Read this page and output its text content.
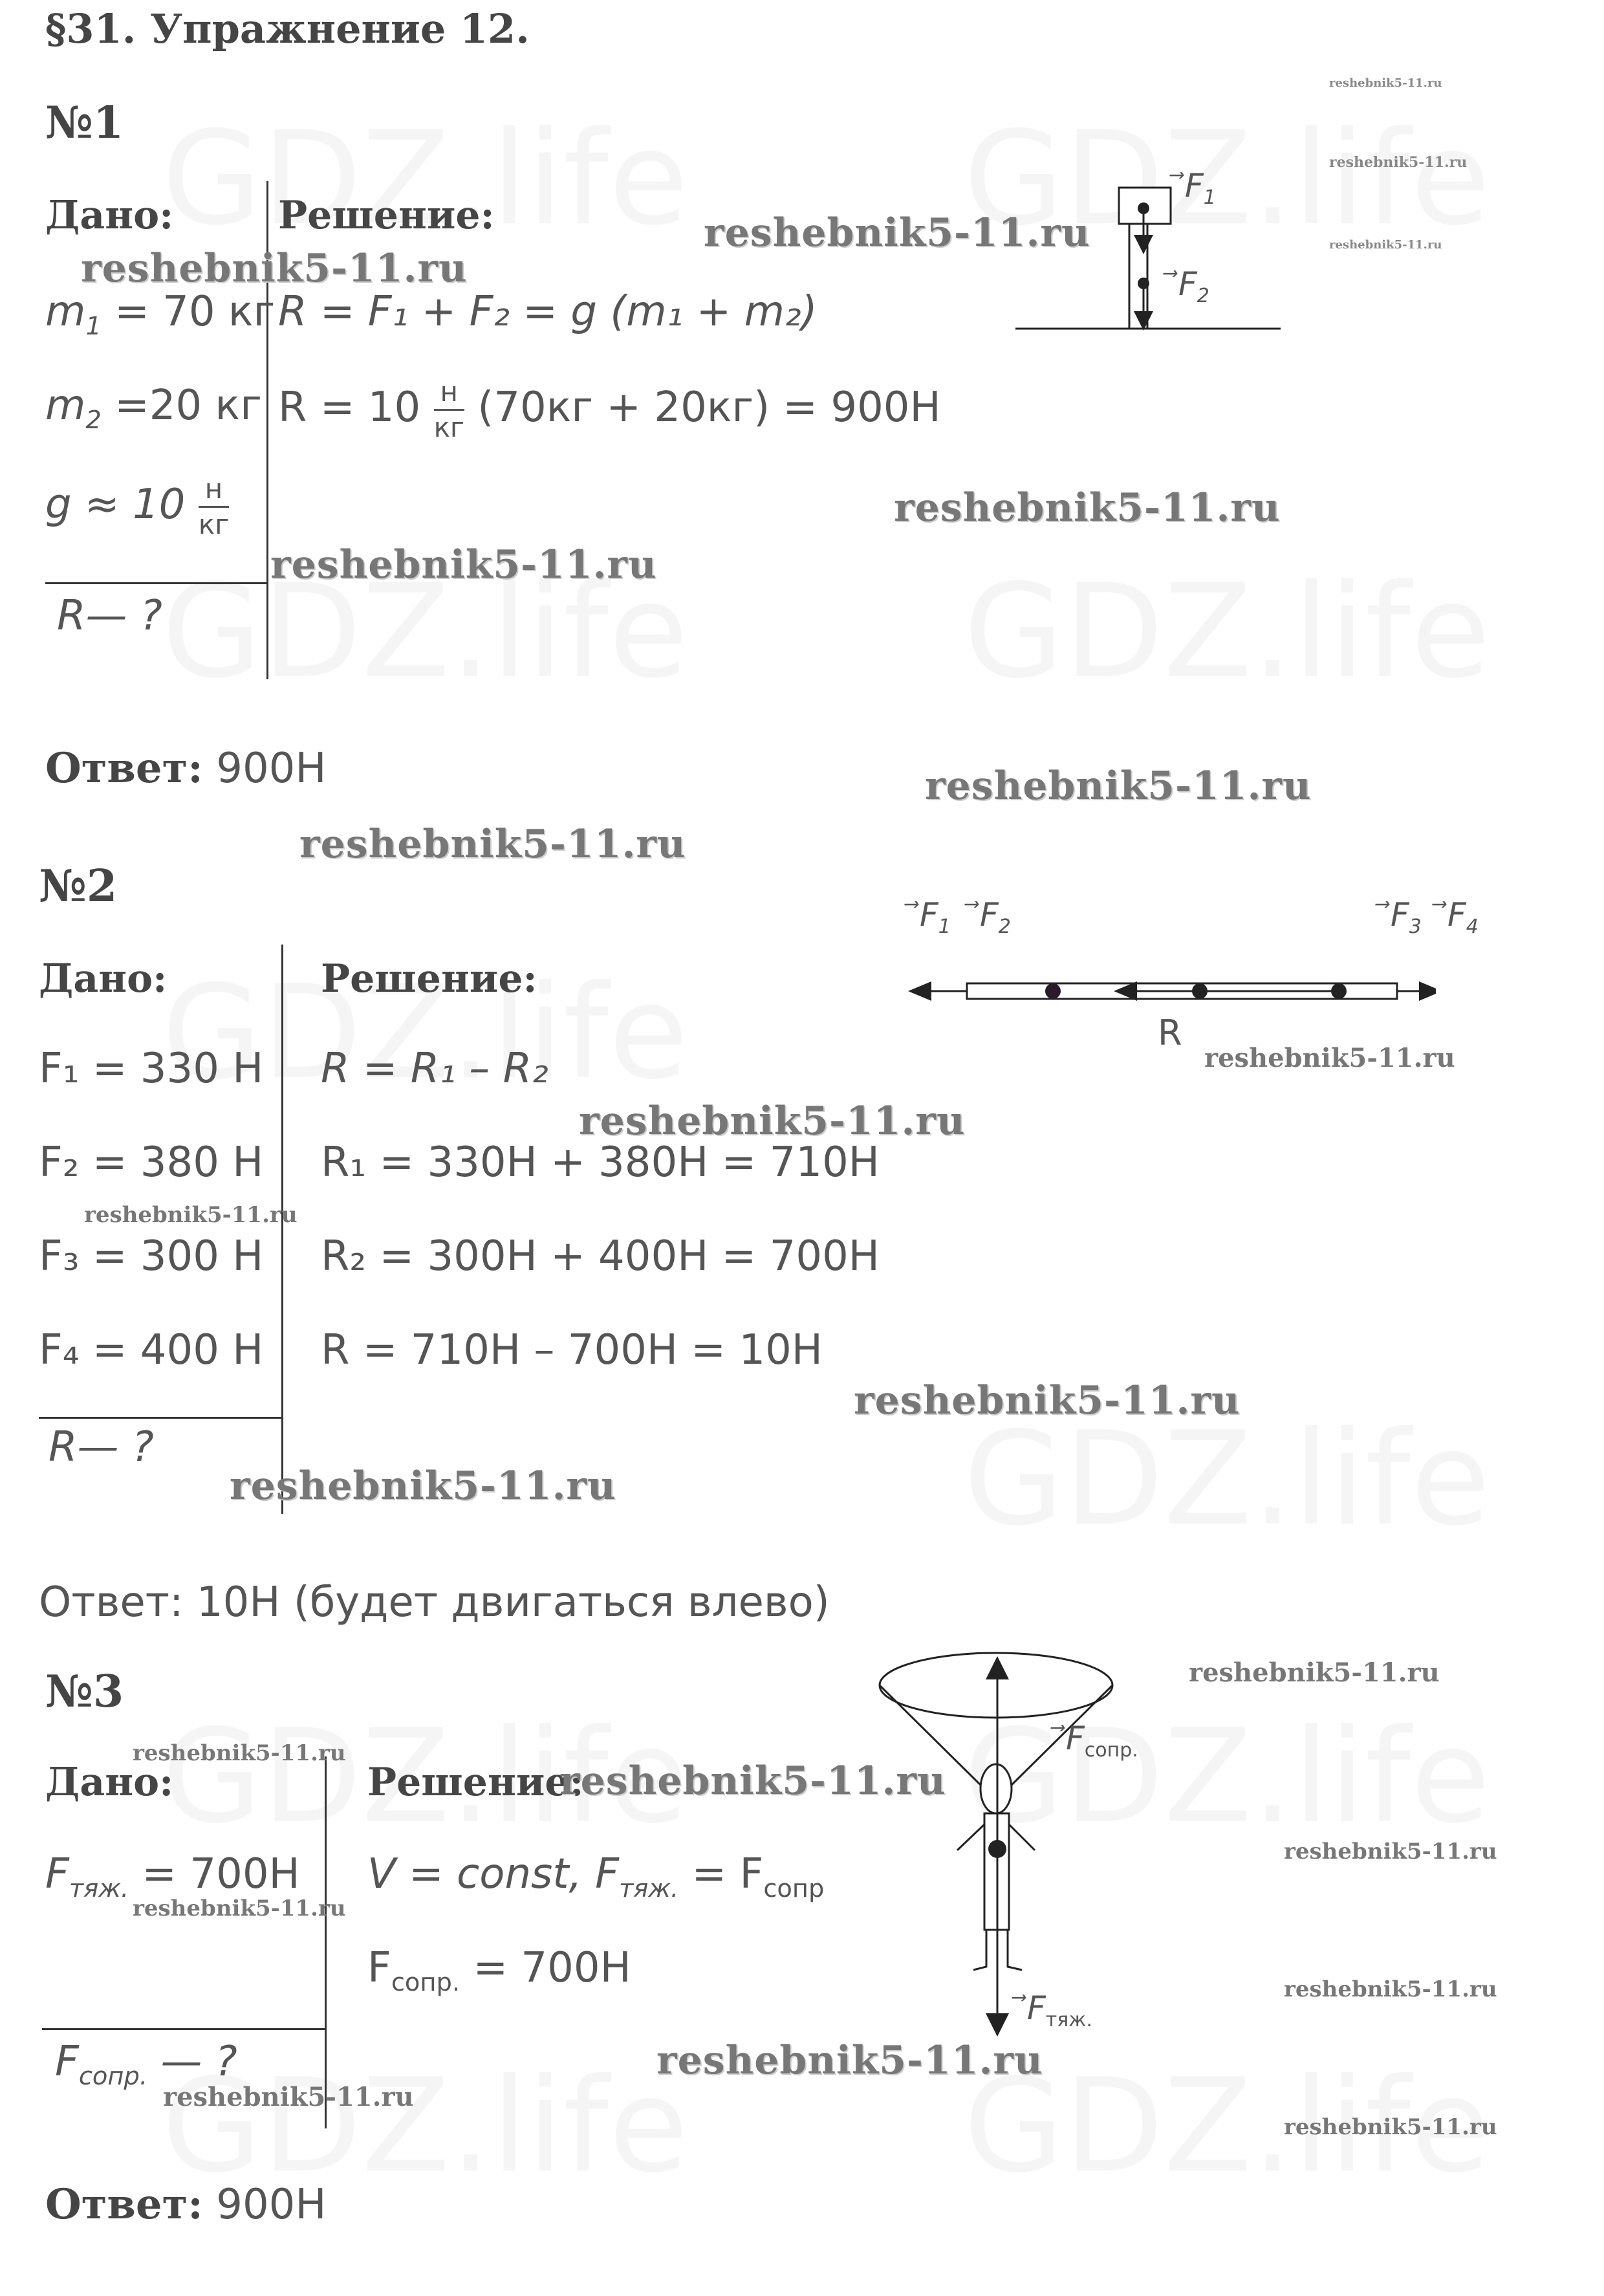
§31. Упражнение 12.
№1
Дано:	Решение:
$m_1 = 70$ кг
$m_2 =20$ кг
$g \approx 10 \frac{н}{кг}$
R— ?
R = F₁ + F₂ = g (m₁ + m₂)
$R = 10 \frac{н}{кг} (70кг + 20кг) = 900Н$
$F_1$
$F_2$
Ответ: 900Н
№2
Дано:	Решение:
F₁ = 330 Н
F₂ = 380 Н
F₃ = 300 Н
F₄ = 400 Н
R— ?
R = R₁ – R₂
R₁ = 330Н + 380Н = 710Н
R₂ = 300Н + 400Н = 700Н
R = 710Н – 700Н = 10Н
$F_1$ $F_2$	$F_3$ $F_4$
R
Ответ: 10Н (будет двигаться влево)
№3
Дано:	Решение:
$F_{тяж.} = 700Н$
$F_{сопр.}$ — ?
V = const, $F_{тяж.} = F_{сопр}$
$F_{сопр.} = 700Н$
$F_{сопр.}$
$F_{тяж.}$
Ответ: 900Н
reshebnik5-11.ru
reshebnik5-11.ru
reshebnik5-11.ru
reshebnik5-11.ru
reshebnik5-11.ru
reshebnik5-11.ru
reshebnik5-11.ru
reshebnik5-11.ru
reshebnik5-11.ru
reshebnik5-11.ru
reshebnik5-11.ru
reshebnik5-11.ru
reshebnik5-11.ru
reshebnik5-11.ru
reshebnik5-11.ru
reshebnik5-11.ru
reshebnik5-11.ru
reshebnik5-11.ru
reshebnik5-11.ru
reshebnik5-11.ru
reshebnik5-11.ru
reshebnik5-11.ru
reshebnik5-11.ru
